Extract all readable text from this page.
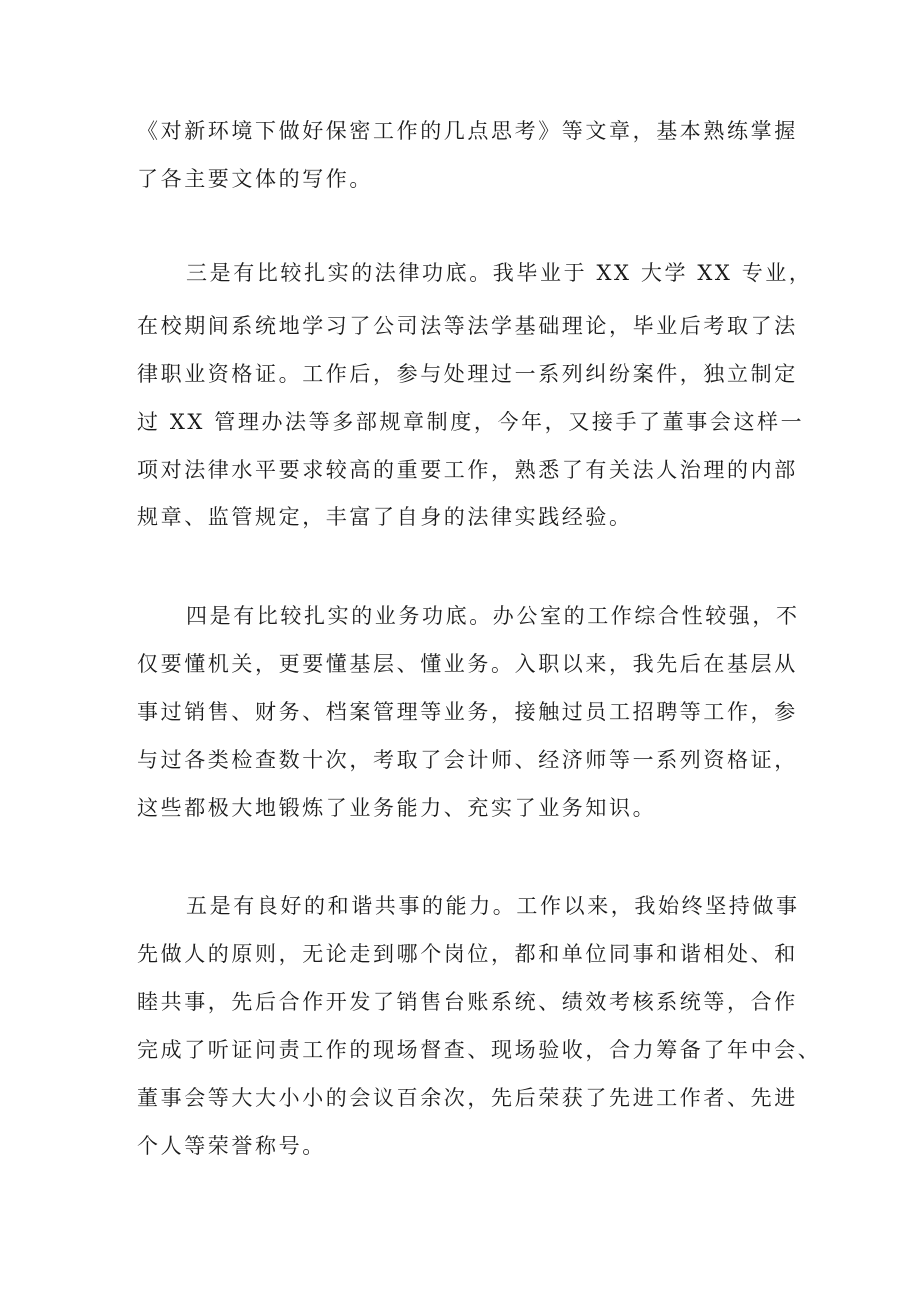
《对新环境下做好保密工作的几点思考》等文章，基本熟练掌握
了各主要文体的写作。
三是有比较扎实的法律功底。我毕业于 XX 大学 XX 专业，
在校期间系统地学习了公司法等法学基础理论，毕业后考取了法
律职业资格证。工作后，参与处理过一系列纠纷案件，独立制定
过 XX 管理办法等多部规章制度，今年，又接手了董事会这样一
项对法律水平要求较高的重要工作，熟悉了有关法人治理的内部
规章、监管规定，丰富了自身的法律实践经验。
四是有比较扎实的业务功底。办公室的工作综合性较强，不
仅要懂机关，更要懂基层、懂业务。入职以来，我先后在基层从
事过销售、财务、档案管理等业务，接触过员工招聘等工作，参
与过各类检查数十次，考取了会计师、经济师等一系列资格证，
这些都极大地锻炼了业务能力、充实了业务知识。
五是有良好的和谐共事的能力。工作以来，我始终坚持做事
先做人的原则，无论走到哪个岗位，都和单位同事和谐相处、和
睦共事，先后合作开发了销售台账系统、绩效考核系统等，合作
完成了听证问责工作的现场督查、现场验收，合力筹备了年中会、
董事会等大大小小的会议百余次，先后荣获了先进工作者、先进
个人等荣誉称号。
